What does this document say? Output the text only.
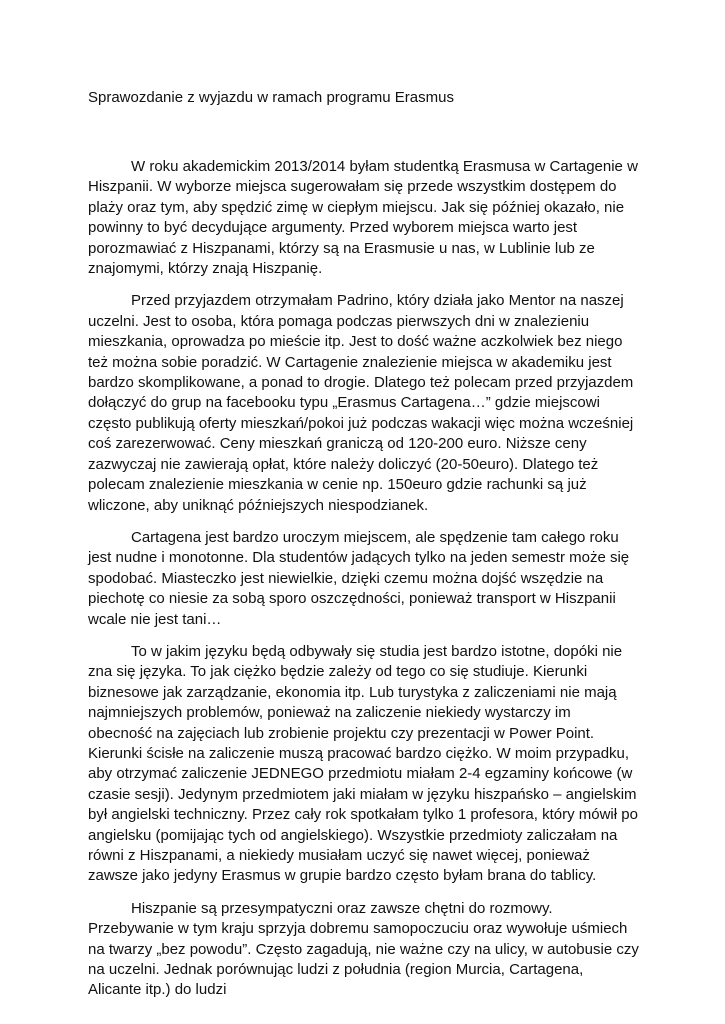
Sprawozdanie z wyjazdu w ramach programu Erasmus

W roku akademickim 2013/2014 byłam studentką Erasmusa w Cartagenie w Hiszpanii. W wyborze miejsca sugerowałam się przede wszystkim dostępem do plaży oraz tym, aby spędzić zimę w ciepłym miejscu. Jak się później okazało, nie powinny to być decydujące argumenty. Przed wyborem miejsca warto jest porozmawiać z Hiszpanami, którzy są na Erasmusie u nas, w Lublinie lub ze znajomymi, którzy znają Hiszpanię.

Przed przyjazdem otrzymałam Padrino, który działa jako Mentor na naszej uczelni. Jest to osoba, która pomaga podczas pierwszych dni w znalezieniu mieszkania, oprowadza po mieście itp. Jest to dość ważne aczkolwiek bez niego też można sobie poradzić. W Cartagenie znalezienie miejsca w akademiku jest bardzo skomplikowane, a ponad to drogie. Dlatego też polecam przed przyjazdem dołączyć do grup na facebooku typu „Erasmus Cartagena…” gdzie miejscowi często publikują oferty mieszkań/pokoi już podczas wakacji więc można wcześniej coś zarezerwować. Ceny mieszkań graniczą od 120-200 euro. Niższe ceny zazwyczaj nie zawierają opłat, które należy doliczyć (20-50euro). Dlatego też polecam znalezienie mieszkania w cenie np. 150euro gdzie rachunki są już wliczone, aby uniknąć późniejszych niespodzianek.

Cartagena jest bardzo uroczym miejscem, ale spędzenie tam całego roku jest nudne i monotonne. Dla studentów jadących tylko na jeden semestr może się spodobać. Miasteczko jest niewielkie, dzięki czemu można dojść wszędzie na piechotę co niesie za sobą sporo oszczędności, ponieważ transport w Hiszpanii wcale nie jest tani…

To w jakim języku będą odbywały się studia jest bardzo istotne, dopóki nie zna się języka. To jak ciężko będzie zależy od tego co się studiuje. Kierunki biznesowe jak zarządzanie, ekonomia itp. Lub turystyka z zaliczeniami nie mają najmniejszych problemów, ponieważ na zaliczenie niekiedy wystarczy im obecność na zajęciach lub zrobienie projektu czy prezentacji w Power Point. Kierunki ścisłe na zaliczenie muszą pracować bardzo ciężko. W moim przypadku, aby otrzymać zaliczenie JEDNEGO przedmiotu miałam 2-4 egzaminy końcowe (w czasie sesji). Jedynym przedmiotem jaki miałam w języku hiszpańsko – angielskim był angielski techniczny. Przez cały rok spotkałam tylko 1 profesora, który mówił po angielsku (pomijając tych od angielskiego). Wszystkie przedmioty zaliczałam na równi z Hiszpanami, a niekiedy musiałam uczyć się nawet więcej, ponieważ zawsze jako jedyny Erasmus w grupie bardzo często byłam brana do tablicy.

Hiszpanie są przesympatyczni oraz zawsze chętni do rozmowy. Przebywanie w tym kraju sprzyja dobremu samopoczuciu oraz wywołuje uśmiech na twarzy „bez powodu”. Często zagadują, nie ważne czy na ulicy, w autobusie czy na uczelni. Jednak porównując ludzi z południa (region Murcia, Cartagena, Alicante itp.) do ludzi
